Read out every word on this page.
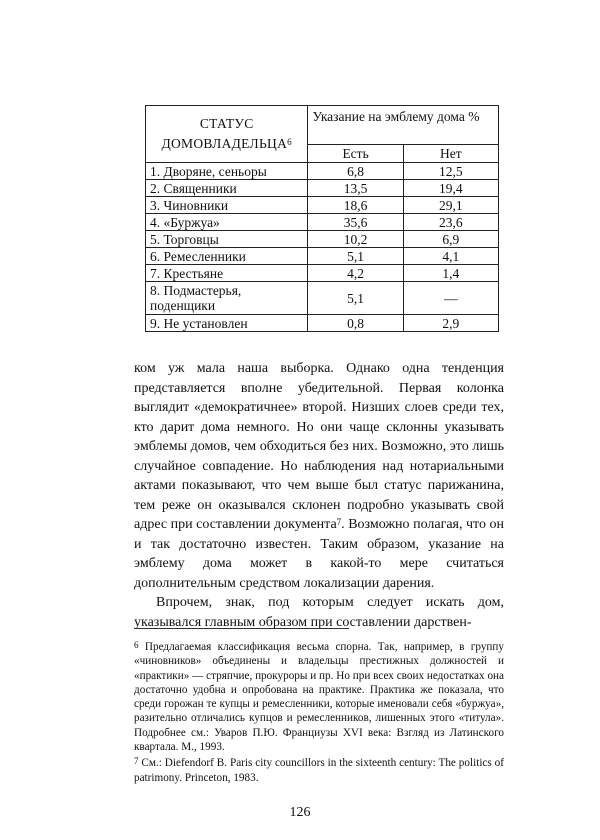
СТАТУС
ДОМОВЛАДЕЛЬЦА$^6$	Указание на эмблему дома %	
	Есть	Нет
1. Дворяне, сеньоры	6,8	12,5
2. Священники	13,5	19,4
3. Чиновники	18,6	29,1
4. «Буржуа»	35,6	23,6
5. Торговцы	10,2	6,9
6. Ремесленники	5,1	4,1
7. Крестьяне	4,2	1,4
8. Подмастерья, поденщики	5,1	—
9. Не установлен	0,8	2,9

ком уж мала наша выборка. Однако одна тенденция представляется вполне убедительной. Первая колонка выглядит «демократичнее» второй. Низших слоев среди тех, кто дарит дома немного. Но они чаще склонны указывать эмблемы домов, чем обходиться без них. Возможно, это лишь случайное совпадение. Но наблюдения над нотариальными актами показывают, что чем выше был статус парижанина, тем реже он оказывался склонен подробно указывать свой адрес при составлении документа$^7$. Возможно полагая, что он и так достаточно известен. Таким образом, указание на эмблему дома может в какой-то мере считаться дополнительным средством локализации дарения.

Впрочем, знак, под которым следует искать дом, указывался главным образом при составлении дарствен-

$^6$ Предлагаемая классификация весьма спорна. Так, например, в группу «чиновников» объединены и владельцы престижных должностей и «практики» — стряпчие, прокуроры и пр. Но при всех своих недостатках она достаточно удобна и опробована на практике. Практика же показала, что среди горожан те купцы и ремесленники, которые именовали себя «буржуа», разительно отличались купцов и ремесленников, лишенных этого «титула». Подробнее см.: Уваров П.Ю. Франциузы XVI века: Взгляд из Латинского квартала. М., 1993.

$^7$ См.: Diefendorf B. Paris city councillors in the sixteenth century: The politics of patrimony. Princeton, 1983.

126
